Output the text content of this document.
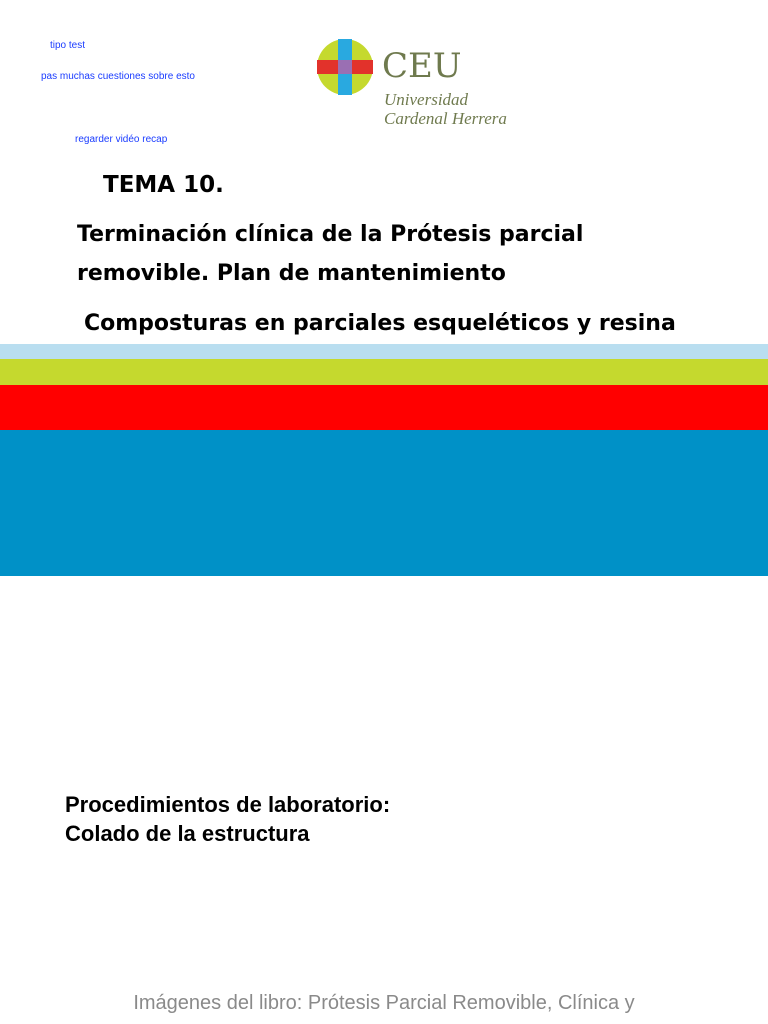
tipo test
pas muchas cuestiones sobre esto
regarder vidéo recap
CEU
Universidad
Cardenal Herrera
TEMA 10.
Terminación clínica de la Prótesis parcial
removible. Plan de mantenimiento
Composturas en parciales esqueléticos y resina
Procedimientos de laboratorio:
Colado de la estructura
Imágenes del libro: Prótesis Parcial Removible, Clínica y
